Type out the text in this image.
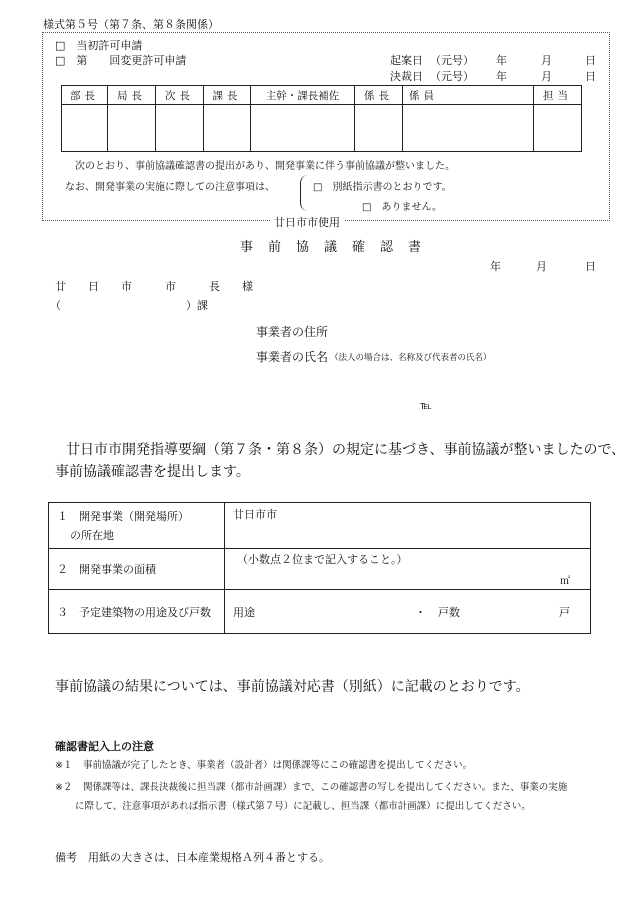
様式第５号（第７条、第８条関係）
廿日市市使用
□　当初許可申請
□　第　　回変更許可申請	起案日 （元号） 年	月	日
決裁日 （元号） 年	月	日
部長	局長	次長	課長	主幹・課長補佐	係長	係員	担当

次のとおり、事前協議確認書の提出があり、開発事業に伴う事前協議が整いました。
なお、開発事業の実施に際しての注意事項は、	□　別紙指示書のとおりです。
□　ありません。
事　前　協　議　確　認　書
年	月	日
廿　　日　　市　　　市　　　長　　様
（	）課
事業者の住所
事業者の氏名 （法人の場合は、名称及び代表者の氏名）
℡
廿日市市開発指導要綱（第７条・第８条）の規定に基づき、事前協議が整いましたので、
事前協議確認書を提出します。
１　開発事業（開発場所）
の所在地	廿日市市
２　開発事業の面積	（小数点２位まで記入すること。）
㎡

３　予定建築物の用途及び戸数	用途 ・ 戸数 戸
事前協議の結果については、事前協議対応書（別紙）に記載のとおりです。
確認書記入上の注意
※１ 事前協議が完了したとき、事業者（設計者）は関係課等にこの確認書を提出してください。
※２ 関係課等は、課長決裁後に担当課（都市計画課）まで、この確認書の写しを提出してください。また、事業の実施
に際して、注意事項があれば指示書（様式第７号）に記載し、担当課（都市計画課）に提出してください。
備考　用紙の大きさは、日本産業規格Ａ列４番とする。
